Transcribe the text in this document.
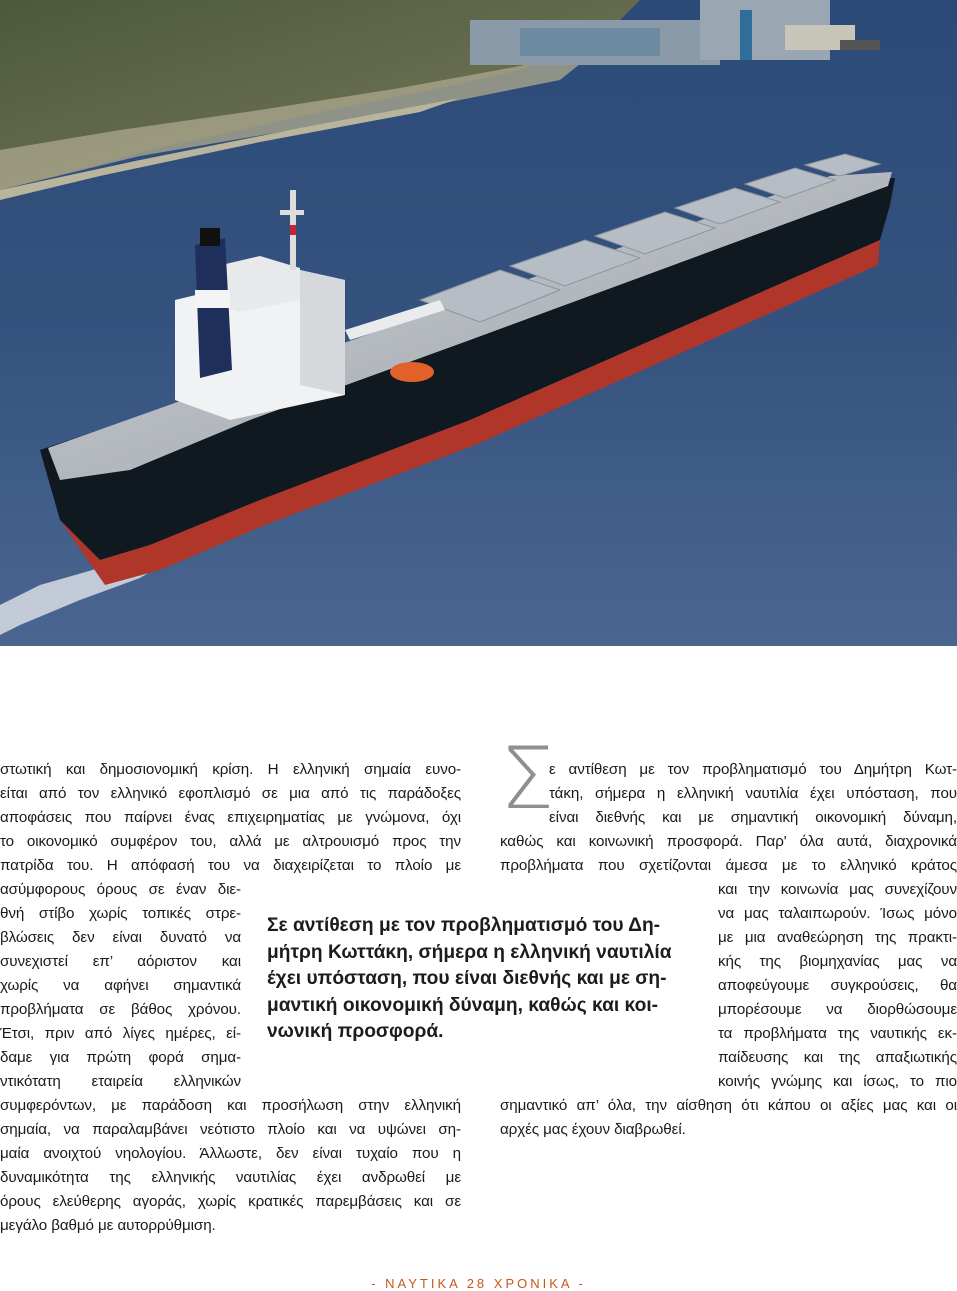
στωτική και δημοσιονομική κρίση. Η ελληνική σημαία ευνο-
είται από τον ελληνικό εφοπλισμό σε μια από τις παράδοξες
αποφάσεις που παίρνει ένας επιχειρηματίας με γνώμονα, όχι
το οικονομικό συμφέρον του, αλλά με αλτρουισμό προς την
πατρίδα του. Η απόφασή του να διαχειρίζεται το πλοίο με
ασύμφορους όρους σε έναν διε-
θνή στίβο χωρίς τοπικές στρε-
βλώσεις δεν είναι δυνατό να
συνεχιστεί επ’ αόριστον και
χωρίς να αφήνει σημαντικά
προβλήματα σε βάθος χρόνου.
Έτσι, πριν από λίγες ημέρες, εί-
δαμε για πρώτη φορά σημα-
ντικότατη εταιρεία ελληνικών
συμφερόντων, με παράδοση και προσήλωση στην ελληνική
σημαία, να παραλαμβάνει νεότιστο πλοίο και να υψώνει ση-
μαία ανοιχτού νηολογίου. Άλλωστε, δεν είναι τυχαίο που η
δυναμικότητα της ελληνικής ναυτιλίας έχει ανδρωθεί με
όρους ελεύθερης αγοράς, χωρίς κρατικές παρεμβάσεις και σε
μεγάλο βαθμό με αυτορρύθμιση.
Σ
ε αντίθεση με τον προβληματισμό του Δημήτρη Κωτ-
τάκη, σήμερα η ελληνική ναυτιλία έχει υπόσταση, που
είναι διεθνής και με σημαντική οικονομική δύναμη,
καθώς και κοινωνική προσφορά. Παρ' όλα αυτά, διαχρονικά
προβλήματα που σχετίζονται άμεσα με το ελληνικό κράτος
και την κοινωνία μας συνεχίζουν
να μας ταλαιπωρούν. Ίσως μόνο
με μια αναθεώρηση της πρακτι-
κής της βιομηχανίας μας να
αποφεύγουμε συγκρούσεις, θα
μπορέσουμε να διορθώσουμε
τα προβλήματα της ναυτικής εκ-
παίδευσης και της απαξιωτικής
κοινής γνώμης και ίσως, το πιο
σημαντικό απ’ όλα, την αίσθηση ότι κάπου οι αξίες μας και οι
αρχές μας έχουν διαβρωθεί.
Σε αντίθεση με τον προβληματισμό του Δη-
μήτρη Κωττάκη, σήμερα η ελληνική ναυτιλία
έχει υπόσταση, που είναι διεθνής και με ση-
μαντική οικονομική δύναμη, καθώς και κοι-
νωνική προσφορά.
- ΝΑΥΤΙΚΑ 28 ΧΡΟΝΙΚΑ -
